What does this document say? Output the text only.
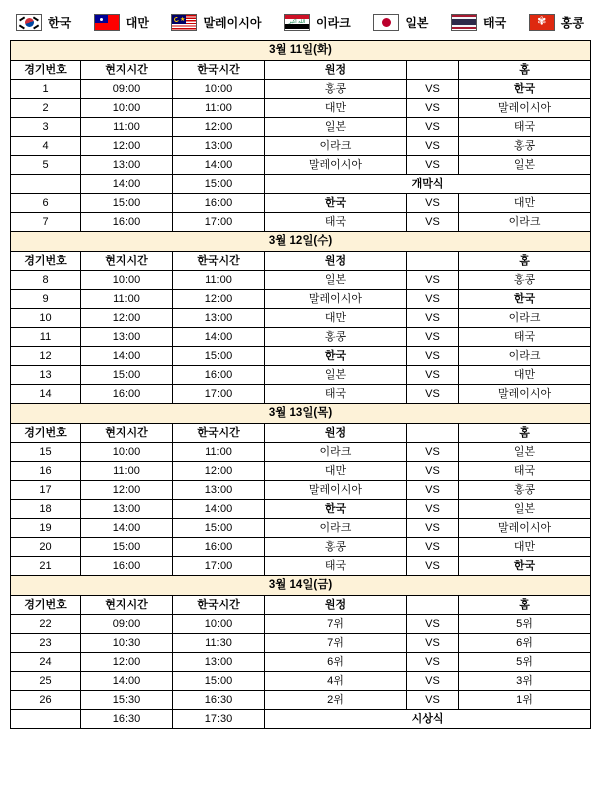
한국	대만	★ 말레이시아	الله أكبر 이라크	일본	태국	✾ 홍콩
3월 11일(화)					
경기번호	현지시간	한국시간	원정		홈
1	09:00	10:00	홍콩	VS	한국
2	10:00	11:00	대만	VS	말레이시아
3	11:00	12:00	일본	VS	태국
4	12:00	13:00	이라크	VS	홍콩
5	13:00	14:00	말레이시아	VS	일본
	14:00	15:00	개막식		
6	15:00	16:00	한국	VS	대만
7	16:00	17:00	태국	VS	이라크
3월 12일(수)					
경기번호	현지시간	한국시간	원정		홈
8	10:00	11:00	일본	VS	홍콩
9	11:00	12:00	말레이시아	VS	한국
10	12:00	13:00	대만	VS	이라크
11	13:00	14:00	홍콩	VS	태국
12	14:00	15:00	한국	VS	이라크
13	15:00	16:00	일본	VS	대만
14	16:00	17:00	태국	VS	말레이시아
3월 13일(목)					
경기번호	현지시간	한국시간	원정		홈
15	10:00	11:00	이라크	VS	일본
16	11:00	12:00	대만	VS	태국
17	12:00	13:00	말레이시아	VS	홍콩
18	13:00	14:00	한국	VS	일본
19	14:00	15:00	이라크	VS	말레이시아
20	15:00	16:00	홍콩	VS	대만
21	16:00	17:00	태국	VS	한국
3월 14일(금)					
경기번호	현지시간	한국시간	원정		홈
22	09:00	10:00	7위	VS	5위
23	10:30	11:30	7위	VS	6위
24	12:00	13:00	6위	VS	5위
25	14:00	15:00	4위	VS	3위
26	15:30	16:30	2위	VS	1위
	16:30	17:30	시상식		
